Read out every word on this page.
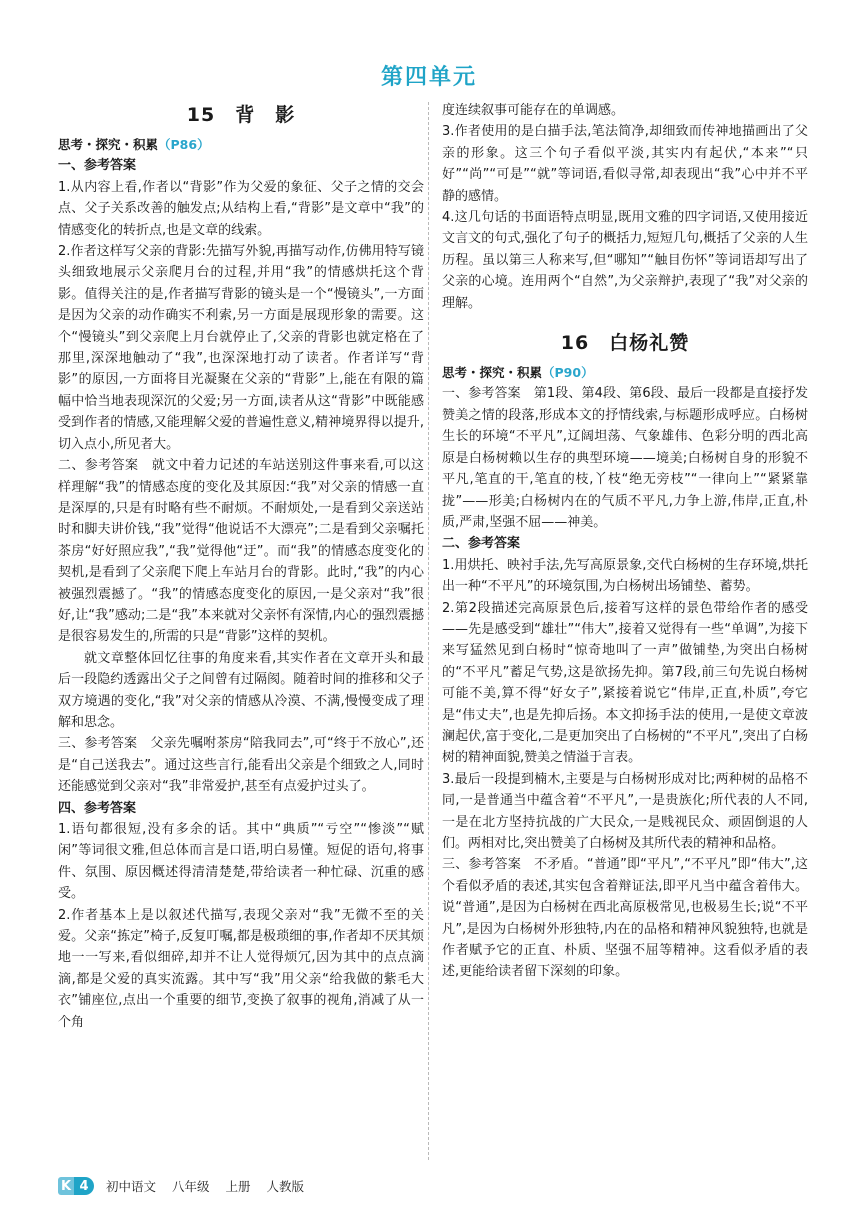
第四单元
15　背　影

思考・探究・积累（P86）

一、参考答案

1.从内容上看,作者以“背影”作为父爱的象征、父子之情的交会点、父子关系改善的触发点;从结构上看,“背影”是文章中“我”的情感变化的转折点,也是文章的线索。

2.作者这样写父亲的背影:先描写外貌,再描写动作,仿佛用特写镜头细致地展示父亲爬月台的过程,并用“我”的情感烘托这个背影。值得关注的是,作者描写背影的镜头是一个“慢镜头”,一方面是因为父亲的动作确实不利索,另一方面是展现形象的需要。这个“慢镜头”到父亲爬上月台就停止了,父亲的背影也就定格在了那里,深深地触动了“我”,也深深地打动了读者。作者详写“背影”的原因,一方面将目光凝聚在父亲的“背影”上,能在有限的篇幅中恰当地表现深沉的父爱;另一方面,读者从这“背影”中既能感受到作者的情感,又能理解父爱的普遍性意义,精神境界得以提升,切入点小,所见者大。

二、参考答案　就文中着力记述的车站送别这件事来看,可以这样理解“我”的情感态度的变化及其原因:“我”对父亲的情感一直是深厚的,只是有时略有些不耐烦。不耐烦处,一是看到父亲送站时和脚夫讲价钱,“我”觉得“他说话不大漂亮”;二是看到父亲嘱托茶房“好好照应我”,“我”觉得他“迂”。而“我”的情感态度变化的契机,是看到了父亲爬下爬上车站月台的背影。此时,“我”的内心被强烈震撼了。“我”的情感态度变化的原因,一是父亲对“我”很好,让“我”感动;二是“我”本来就对父亲怀有深情,内心的强烈震撼是很容易发生的,所需的只是“背影”这样的契机。

就文章整体回忆往事的角度来看,其实作者在文章开头和最后一段隐约透露出父子之间曾有过隔阂。随着时间的推移和父子双方境遇的变化,“我”对父亲的情感从冷漠、不满,慢慢变成了理解和思念。

三、参考答案　父亲先嘱咐茶房“陪我同去”,可“终于不放心”,还是“自己送我去”。通过这些言行,能看出父亲是个细致之人,同时还能感觉到父亲对“我”非常爱护,甚至有点爱护过头了。

四、参考答案

1.语句都很短,没有多余的话。其中“典质”“亏空”“惨淡”“赋闲”等词很文雅,但总体而言是口语,明白易懂。短促的语句,将事件、氛围、原因概述得清清楚楚,带给读者一种忙碌、沉重的感受。

2.作者基本上是以叙述代描写,表现父亲对“我”无微不至的关爱。父亲“拣定”椅子,反复叮嘱,都是极琐细的事,作者却不厌其烦地一一写来,看似细碎,却并不让人觉得烦冗,因为其中的点点滴滴,都是父爱的真实流露。其中写“我”用父亲“给我做的紫毛大衣”铺座位,点出一个重要的细节,变换了叙事的视角,消减了从一个角

度连续叙事可能存在的单调感。

3.作者使用的是白描手法,笔法简净,却细致而传神地描画出了父亲的形象。这三个句子看似平淡,其实内有起伏,“本来”“只好”“尚”“可是”“就”等词语,看似寻常,却表现出“我”心中并不平静的感情。

4.这几句话的书面语特点明显,既用文雅的四字词语,又使用接近文言文的句式,强化了句子的概括力,短短几句,概括了父亲的人生历程。虽以第三人称来写,但“哪知”“触目伤怀”等词语却写出了父亲的心境。连用两个“自然”,为父亲辩护,表现了“我”对父亲的理解。

16　白杨礼赞

思考・探究・积累（P90）

一、参考答案　第1段、第4段、第6段、最后一段都是直接抒发赞美之情的段落,形成本文的抒情线索,与标题形成呼应。白杨树生长的环境“不平凡”,辽阔坦荡、气象雄伟、色彩分明的西北高原是白杨树赖以生存的典型环境——境美;白杨树自身的形貌不平凡,笔直的干,笔直的枝,丫枝“绝无旁枝”“一律向上”“紧紧靠拢”——形美;白杨树内在的气质不平凡,力争上游,伟岸,正直,朴质,严肃,坚强不屈——神美。

二、参考答案

1.用烘托、映衬手法,先写高原景象,交代白杨树的生存环境,烘托出一种“不平凡”的环境氛围,为白杨树出场铺垫、蓄势。

2.第2段描述完高原景色后,接着写这样的景色带给作者的感受——先是感受到“雄壮”“伟大”,接着又觉得有一些“单调”,为接下来写猛然见到白杨时“惊奇地叫了一声”做铺垫,为突出白杨树的“不平凡”蓄足气势,这是欲扬先抑。第7段,前三句先说白杨树可能不美,算不得“好女子”,紧接着说它“伟岸,正直,朴质”,夸它是“伟丈夫”,也是先抑后扬。本文抑扬手法的使用,一是使文章波澜起伏,富于变化,二是更加突出了白杨树的“不平凡”,突出了白杨树的精神面貌,赞美之情溢于言表。

3.最后一段提到楠木,主要是与白杨树形成对比;两种树的品格不同,一是普通当中蕴含着“不平凡”,一是贵族化;所代表的人不同,一是在北方坚持抗战的广大民众,一是贱视民众、顽固倒退的人们。两相对比,突出赞美了白杨树及其所代表的精神和品格。

三、参考答案　不矛盾。“普通”即“平凡”,“不平凡”即“伟大”,这个看似矛盾的表述,其实包含着辩证法,即平凡当中蕴含着伟大。说“普通”,是因为白杨树在西北高原极常见,也极易生长;说“不平凡”,是因为白杨树外形独特,内在的品格和精神风貌独特,也就是作者赋予它的正直、朴质、坚强不屈等精神。这看似矛盾的表述,更能给读者留下深刻的印象。

K 4	初中语文 八年级 上册 人教版
